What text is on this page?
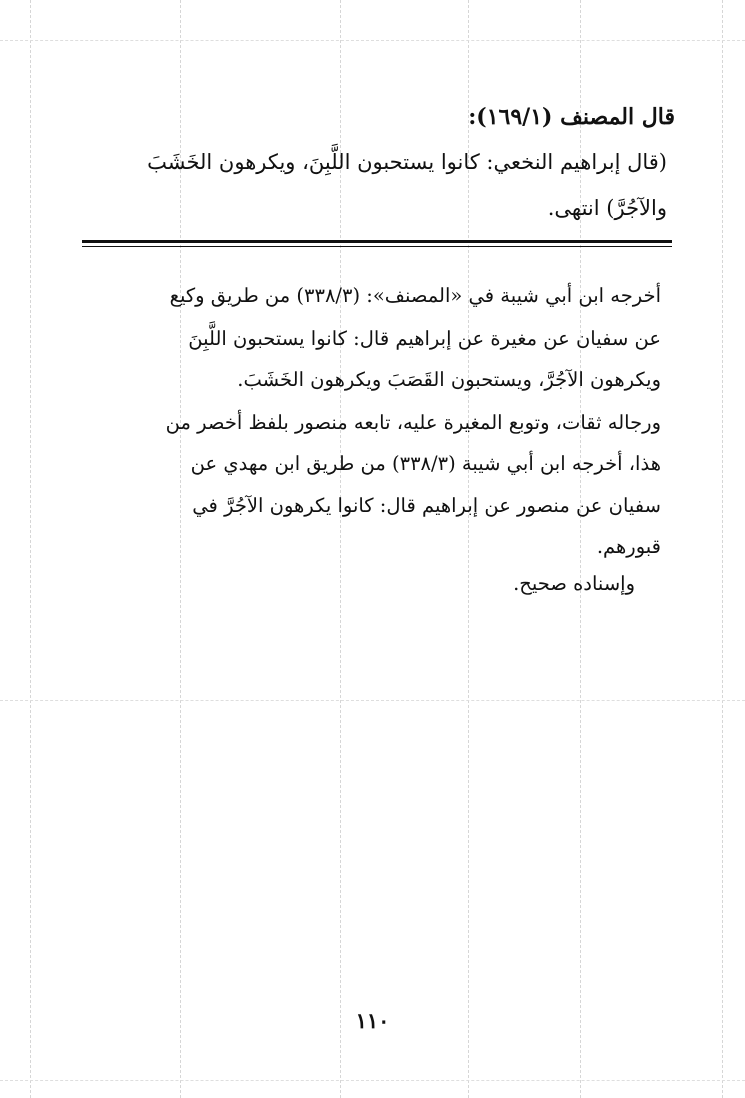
قال المصنف (١٦٩/١):
(قال إبراهيم النخعي: كانوا يستحبون اللَّبِنَ، ويكرهون الخَشَبَ
والآجُرَّ) انتهى.
أخرجه ابن أبي شيبة في «المصنف»: (٣٣٨/٣) من طريق وكيع
عن سفيان عن مغيرة عن إبراهيم قال: كانوا يستحبون اللَّبِنَ
ويكرهون الآجُرَّ، ويستحبون القَصَبَ ويكرهون الخَشَبَ.
ورجاله ثقات، وتوبع المغيرة عليه، تابعه منصور بلفظ أخصر من
هذا، أخرجه ابن أبي شيبة (٣٣٨/٣) من طريق ابن مهدي عن
سفيان عن منصور عن إبراهيم قال: كانوا يكرهون الآجُرَّ في
قبورهم.
وإسناده صحيح.
١١٠
